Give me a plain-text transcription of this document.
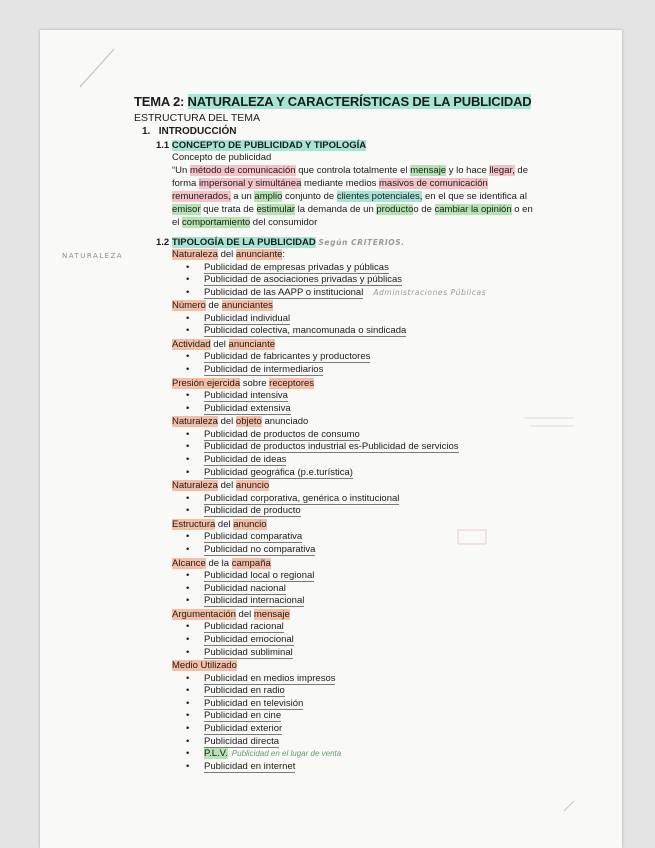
NATURALEZA
TEMA 2: NATURALEZA Y CARACTERÍSTICAS DE LA PUBLICIDAD
ESTRUCTURA DEL TEMA
1. INTRODUCCIÓN
1.1 CONCEPTO DE PUBLICIDAD Y TIPOLOGÍA
Concepto de publicidad
“Un método de comunicación que controla totalmente el mensaje y lo hace llegar, de forma impersonal y simultánea mediante medios masivos de comunicación remunerados, a un amplio conjunto de clientes potenciales, en el que se identifica al emisor que trata de estimular la demanda de un productoo de cambiar la opinión o en el comportamiento del consumidor
1.2 TIPOLOGÍA DE LA PUBLICIDAD Según CRITERIOS.
Naturaleza del anunciante:
• Publicidad de empresas privadas y públicas
• Publicidad de asociaciones privadas y públicas
• Publicidad de las AAPP o institucional Administraciones Públicas
Número de anunciantes
• Publicidad individual
• Publicidad colectiva, mancomunada o sindicada
Actividad del anunciante
• Publicidad de fabricantes y productores
• Publicidad de intermediarios
Presión ejercida sobre receptores
• Publicidad intensiva
• Publicidad extensiva
Naturaleza del objeto anunciado
• Publicidad de productos de consumo
• Publicidad de productos industrial es-Publicidad de servicios
• Publicidad de ideas
• Publicidad geográfica (p.e.turística)
Naturaleza del anuncio
• Publicidad corporativa, genérica o institucional
• Publicidad de producto
Estructura del anuncio
• Publicidad comparativa
• Publicidad no comparativa
Alcance de la campaña
• Publicidad local o regional
• Publicidad nacional
• Publicidad internacional
Argumentación del mensaje
• Publicidad racional
• Publicidad emocional
• Publicidad subliminal
Medio Utilizado
• Publicidad en medios impresos
• Publicidad en radio
• Publicidad en televisión
• Publicidad en cine
• Publicidad exterior
• Publicidad directa
• P.L.V. Publicidad en el lugar de venta
• Publicidad en internet
